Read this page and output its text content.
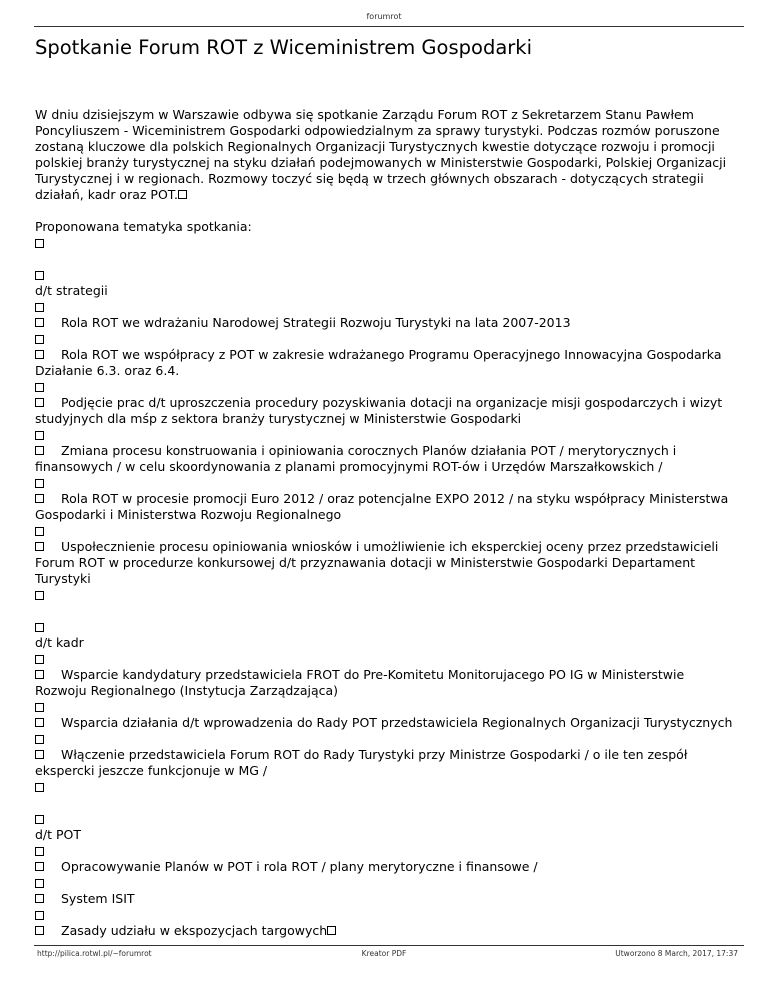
forumrot
Spotkanie Forum ROT z Wiceministrem Gospodarki

W dniu dzisiejszym w Warszawie odbywa się spotkanie Zarządu Forum ROT z Sekretarzem Stanu Pawłem Poncyliuszem - Wiceministrem Gospodarki odpowiedzialnym za sprawy turystyki. Podczas rozmów poruszone zostaną kluczowe dla polskich Regionalnych Organizacji Turystycznych kwestie dotyczące rozwoju i promocji polskiej branży turystycznej na styku działań podejmowanych w Ministerstwie Gospodarki, Polskiej Organizacji Turystycznej i w regionach. Rozmowy toczyć się będą w trzech głównych obszarach - dotyczących strategii działań, kadr oraz POT.

Proponowana tematyka spotkania:

d/t strategii

Rola ROT we wdrażaniu Narodowej Strategii Rozwoju Turystyki na lata 2007-2013

Rola ROT we współpracy z POT w zakresie wdrażanego Programu Operacyjnego Innowacyjna Gospodarka Działanie 6.3. oraz 6.4.

Podjęcie prac d/t uproszczenia procedury pozyskiwania dotacji na organizacje misji gospodarczych i wizyt studyjnych dla mśp z sektora branży turystycznej w Ministerstwie Gospodarki

Zmiana procesu konstruowania i opiniowania corocznych Planów działania POT / merytorycznych i finansowych / w celu skoordynowania z planami promocyjnymi ROT-ów i Urzędów Marszałkowskich /

Rola ROT w procesie promocji Euro 2012 / oraz potencjalne EXPO 2012 / na styku współpracy Ministerstwa Gospodarki i Ministerstwa Rozwoju Regionalnego

Uspołecznienie procesu opiniowania wniosków i umożliwienie ich eksperckiej oceny przez przedstawicieli Forum ROT w procedurze konkursowej d/t przyznawania dotacji w Ministerstwie Gospodarki Departament Turystyki

d/t kadr

Wsparcie kandydatury przedstawiciela FROT do Pre-Komitetu Monitorujacego PO IG w Ministerstwie Rozwoju Regionalnego (Instytucja Zarządzająca)

Wsparcia działania d/t wprowadzenia do Rady POT przedstawiciela Regionalnych Organizacji Turystycznych

Włączenie przedstawiciela Forum ROT do Rady Turystyki przy Ministrze Gospodarki / o ile ten zespół ekspercki jeszcze funkcjonuje w MG /

d/t POT

Opracowywanie Planów w POT i rola ROT / plany merytoryczne i finansowe /

System ISIT

Zasady udziału w ekspozycjach targowych

http://pilica.rotwl.pl/~forumrot	Kreator PDF	Utworzono 8 March, 2017, 17:37
